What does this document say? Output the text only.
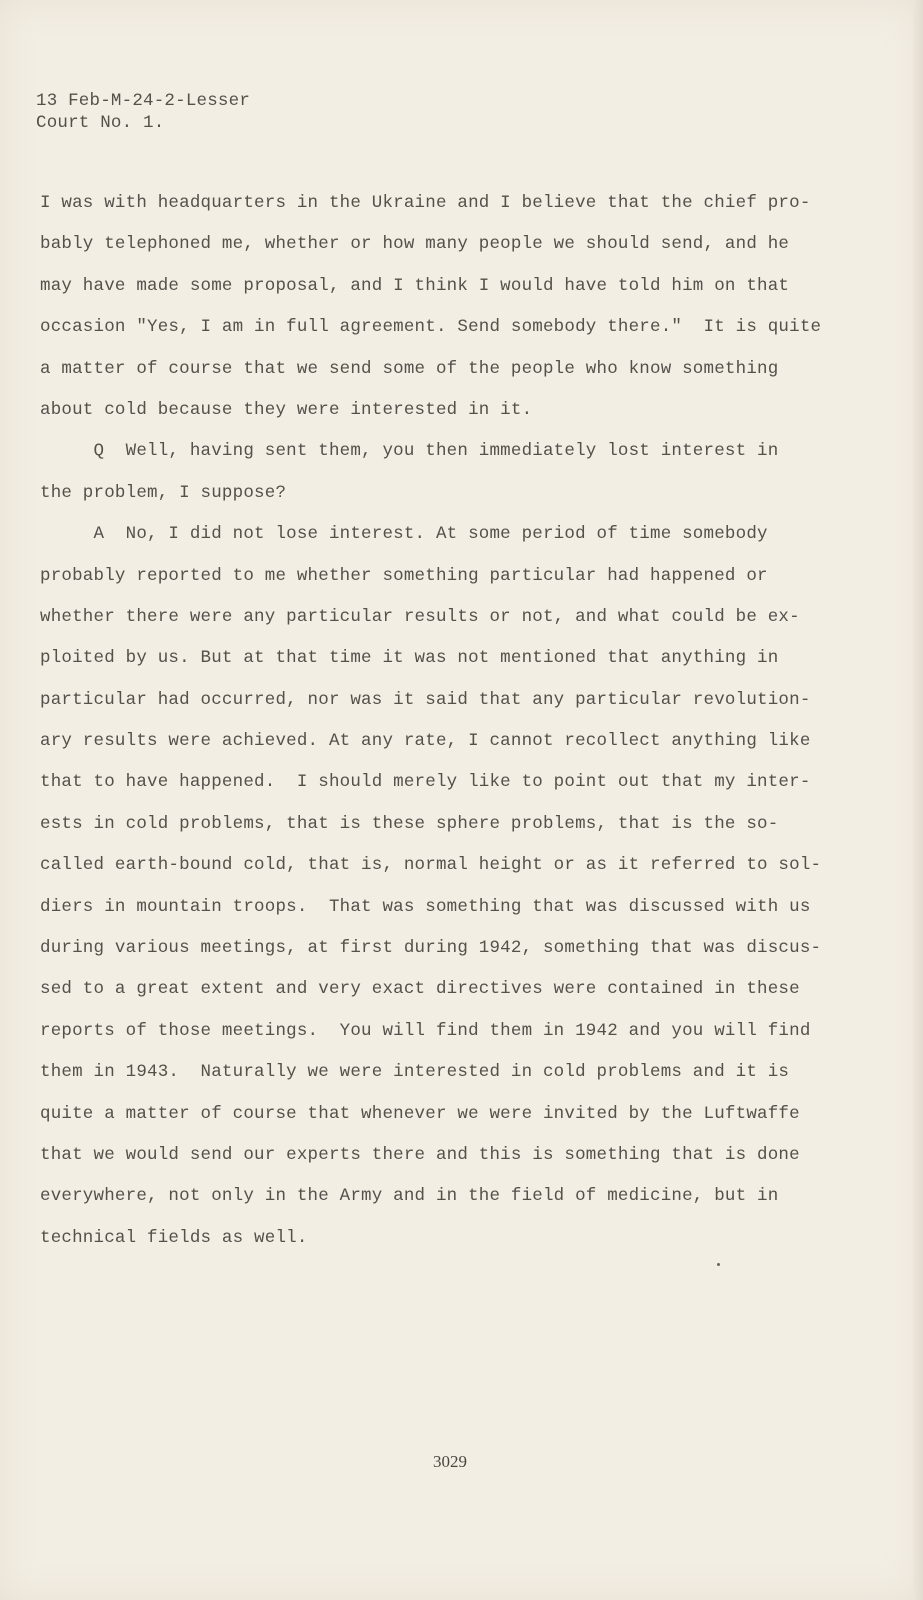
13 Feb-M-24-2-Lesser
Court No. 1.
I was with headquarters in the Ukraine and I believe that the chief pro-
bably telephoned me, whether or how many people we should send, and he
may have made some proposal, and I think I would have told him on that
occasion "Yes, I am in full agreement. Send somebody there."  It is quite
a matter of course that we send some of the people who know something
about cold because they were interested in it.
Q  Well, having sent them, you then immediately lost interest in
the problem, I suppose?
A  No, I did not lose interest. At some period of time somebody
probably reported to me whether something particular had happened or
whether there were any particular results or not, and what could be ex-
ploited by us. But at that time it was not mentioned that anything in
particular had occurred, nor was it said that any particular revolution-
ary results were achieved. At any rate, I cannot recollect anything like
that to have happened.  I should merely like to point out that my inter-
ests in cold problems, that is these sphere problems, that is the so-
called earth-bound cold, that is, normal height or as it referred to sol-
diers in mountain troops.  That was something that was discussed with us
during various meetings, at first during 1942, something that was discus-
sed to a great extent and very exact directives were contained in these
reports of those meetings.  You will find them in 1942 and you will find
them in 1943.  Naturally we were interested in cold problems and it is
quite a matter of course that whenever we were invited by the Luftwaffe
that we would send our experts there and this is something that is done
everywhere, not only in the Army and in the field of medicine, but in
technical fields as well.
3029
